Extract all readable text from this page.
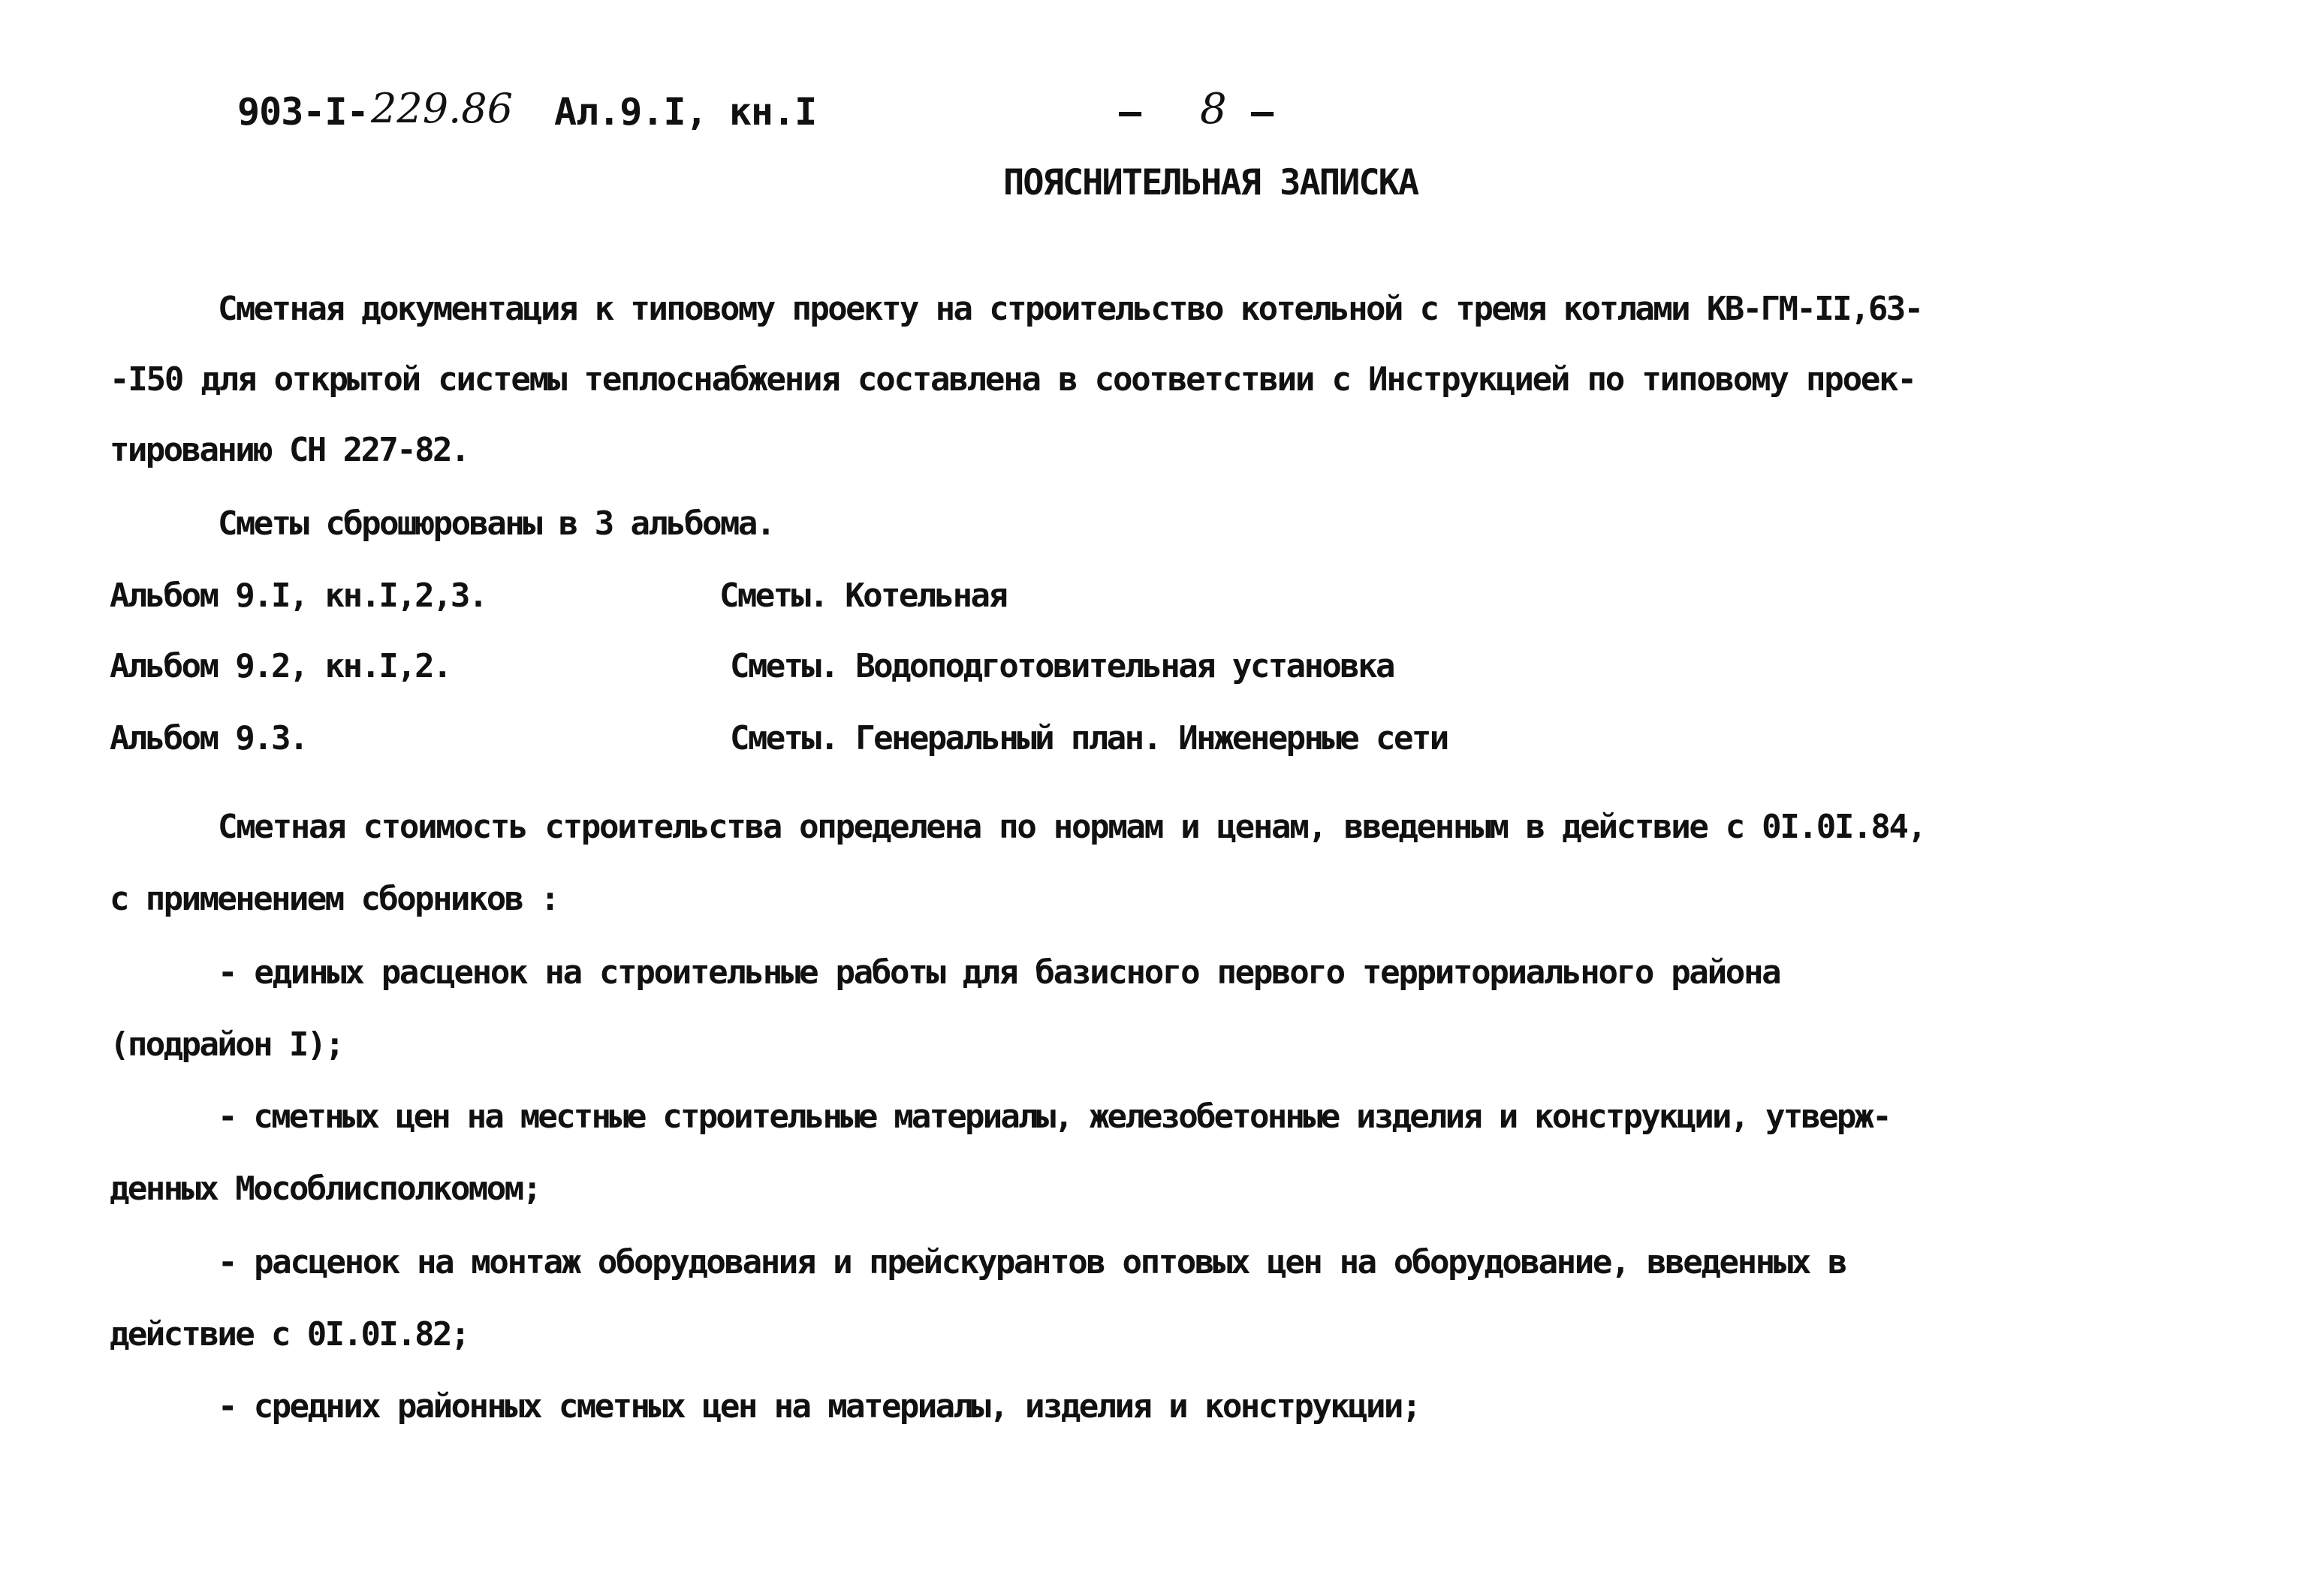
903-I- 229.86 Ал.9.I, кн.I	— 8 —
ПОЯСНИТЕЛЬНАЯ ЗАПИСКА
Сметная документация к типовому проекту на строительство котельной с тремя котлами КВ-ГМ-II,63-
-I50 для открытой системы теплоснабжения составлена в соответствии с Инструкцией по типовому проек-
тированию СН 227-82.
Сметы сброшюрованы в 3 альбома.
Альбом 9.I, кн.I,2,3.	Сметы. Котельная
Альбом 9.2, кн.I,2.	Сметы. Водоподготовительная установка
Альбом 9.3.	Сметы. Генеральный план. Инженерные сети
Сметная стоимость строительства определена по нормам и ценам, введенным в действие с 0I.0I.84,
с применением сборников :
- единых расценок на строительные работы для базисного первого территориального района
(подрайон I);
- сметных цен на местные строительные материалы, железобетонные изделия и конструкции, утверж-
денных Мособлисполкомом;
- расценок на монтаж оборудования и прейскурантов оптовых цен на оборудование, введенных в
действие с 0I.0I.82;
- средних районных сметных цен на материалы, изделия и конструкции;
